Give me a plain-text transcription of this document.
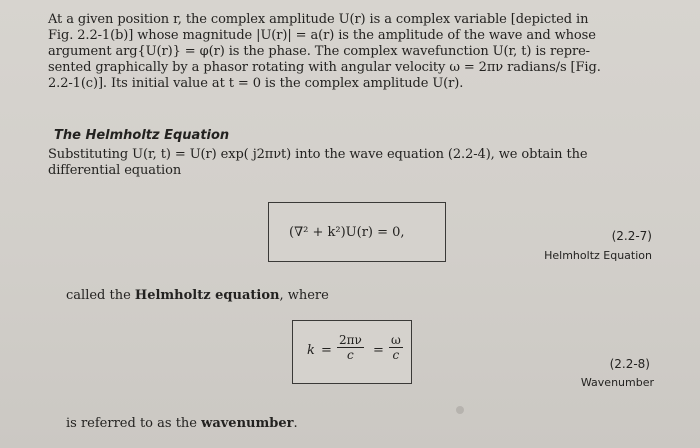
At a given position r, the complex amplitude U(r) is a complex variable [depicted in
Fig. 2.2-1(b)] whose magnitude |U(r)| = a(r) is the amplitude of the wave and whose
argument arg{U(r)} = φ(r) is the phase. The complex wavefunction U(r, t) is repre-
sented graphically by a phasor rotating with angular velocity ω = 2πν radians/s [Fig.
2.2-1(c)]. Its initial value at t = 0 is the complex amplitude U(r).
The Helmholtz Equation
Substituting U(r, t) = U(r) exp( j2πνt) into the wave equation (2.2-4), we obtain the
differential equation
(∇² + k²)U(r) = 0,	(2.2-7)
Helmholtz Equation
called the Helmholtz equation, where
$k = \frac{2\pi\nu}{c} = \frac{\omega}{c}$
(2.2-8)
Wavenumber
is referred to as the wavenumber.
